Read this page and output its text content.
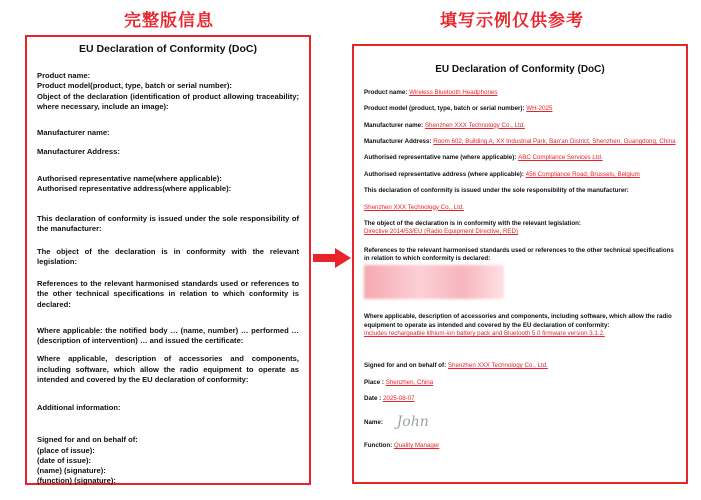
完整版信息	填写示例仅供参考
EU Declaration of Conformity (DoC)
Product name:
Product model(product, type, batch or serial number):
Object of the declaration (identification of product allowing traceability; where necessary, include an image):
Manufacturer name:
Manufacturer Address:
Authorised representative name(where applicable):
Authorised representative address(where applicable):
This declaration of conformity is issued under the sole responsibility of the manufacturer:
The object of the declaration is in conformity with the relevant legislation:
References to the relevant harmonised standards used or references to the other technical specifications in relation to which conformity is declared:
Where applicable: the notified body … (name, number) … performed … (description of intervention) … and issued the certificate:
Where applicable, description of accessories and components, including software, which allow the radio equipment to operate as intended and covered by the EU declaration of conformity:
Additional information:
Signed for and on behalf of:
(place of issue):
(date of issue):
(name) (signature):
(function) (signature):
EU Declaration of Conformity (DoC)
Product name: Wireless Bluetooth Headphones
Product model (product, type, batch or serial number): WH-2025
Manufacturer name: Shenzhen XXX Technology Co., Ltd.
Manufacturer Address: Room 602, Building A, XX Industrial Park, Bao'an District, Shenzhen, Guangdong, China
Authorised representative name (where applicable): ABC Compliance Services Ltd.
Authorised representative address (where applicable): 456 Compliance Road, Brussels, Belgium
This declaration of conformity is issued under the sole responsibility of the manufacturer:
Shenzhen XXX Technology Co., Ltd.
The object of the declaration is in conformity with the relevant legislation:
Directive 2014/53/EU (Radio Equipment Directive, RED)
References to the relevant harmonised standards used or references to the other technical specifications in relation to which conformity is declared:
Where applicable, description of accessories and components, including software, which allow the radio equipment to operate as intended and covered by the EU declaration of conformity:
Includes rechargeable lithium-ion battery pack and Bluetooth 5.0 firmware version 3.1.2.
Signed for and on behalf of: Shenzhen XXX Technology Co., Ltd.
Place : Shenzhen, China
Date : 2025-08-07
Name: John
Function: Quality Manager
